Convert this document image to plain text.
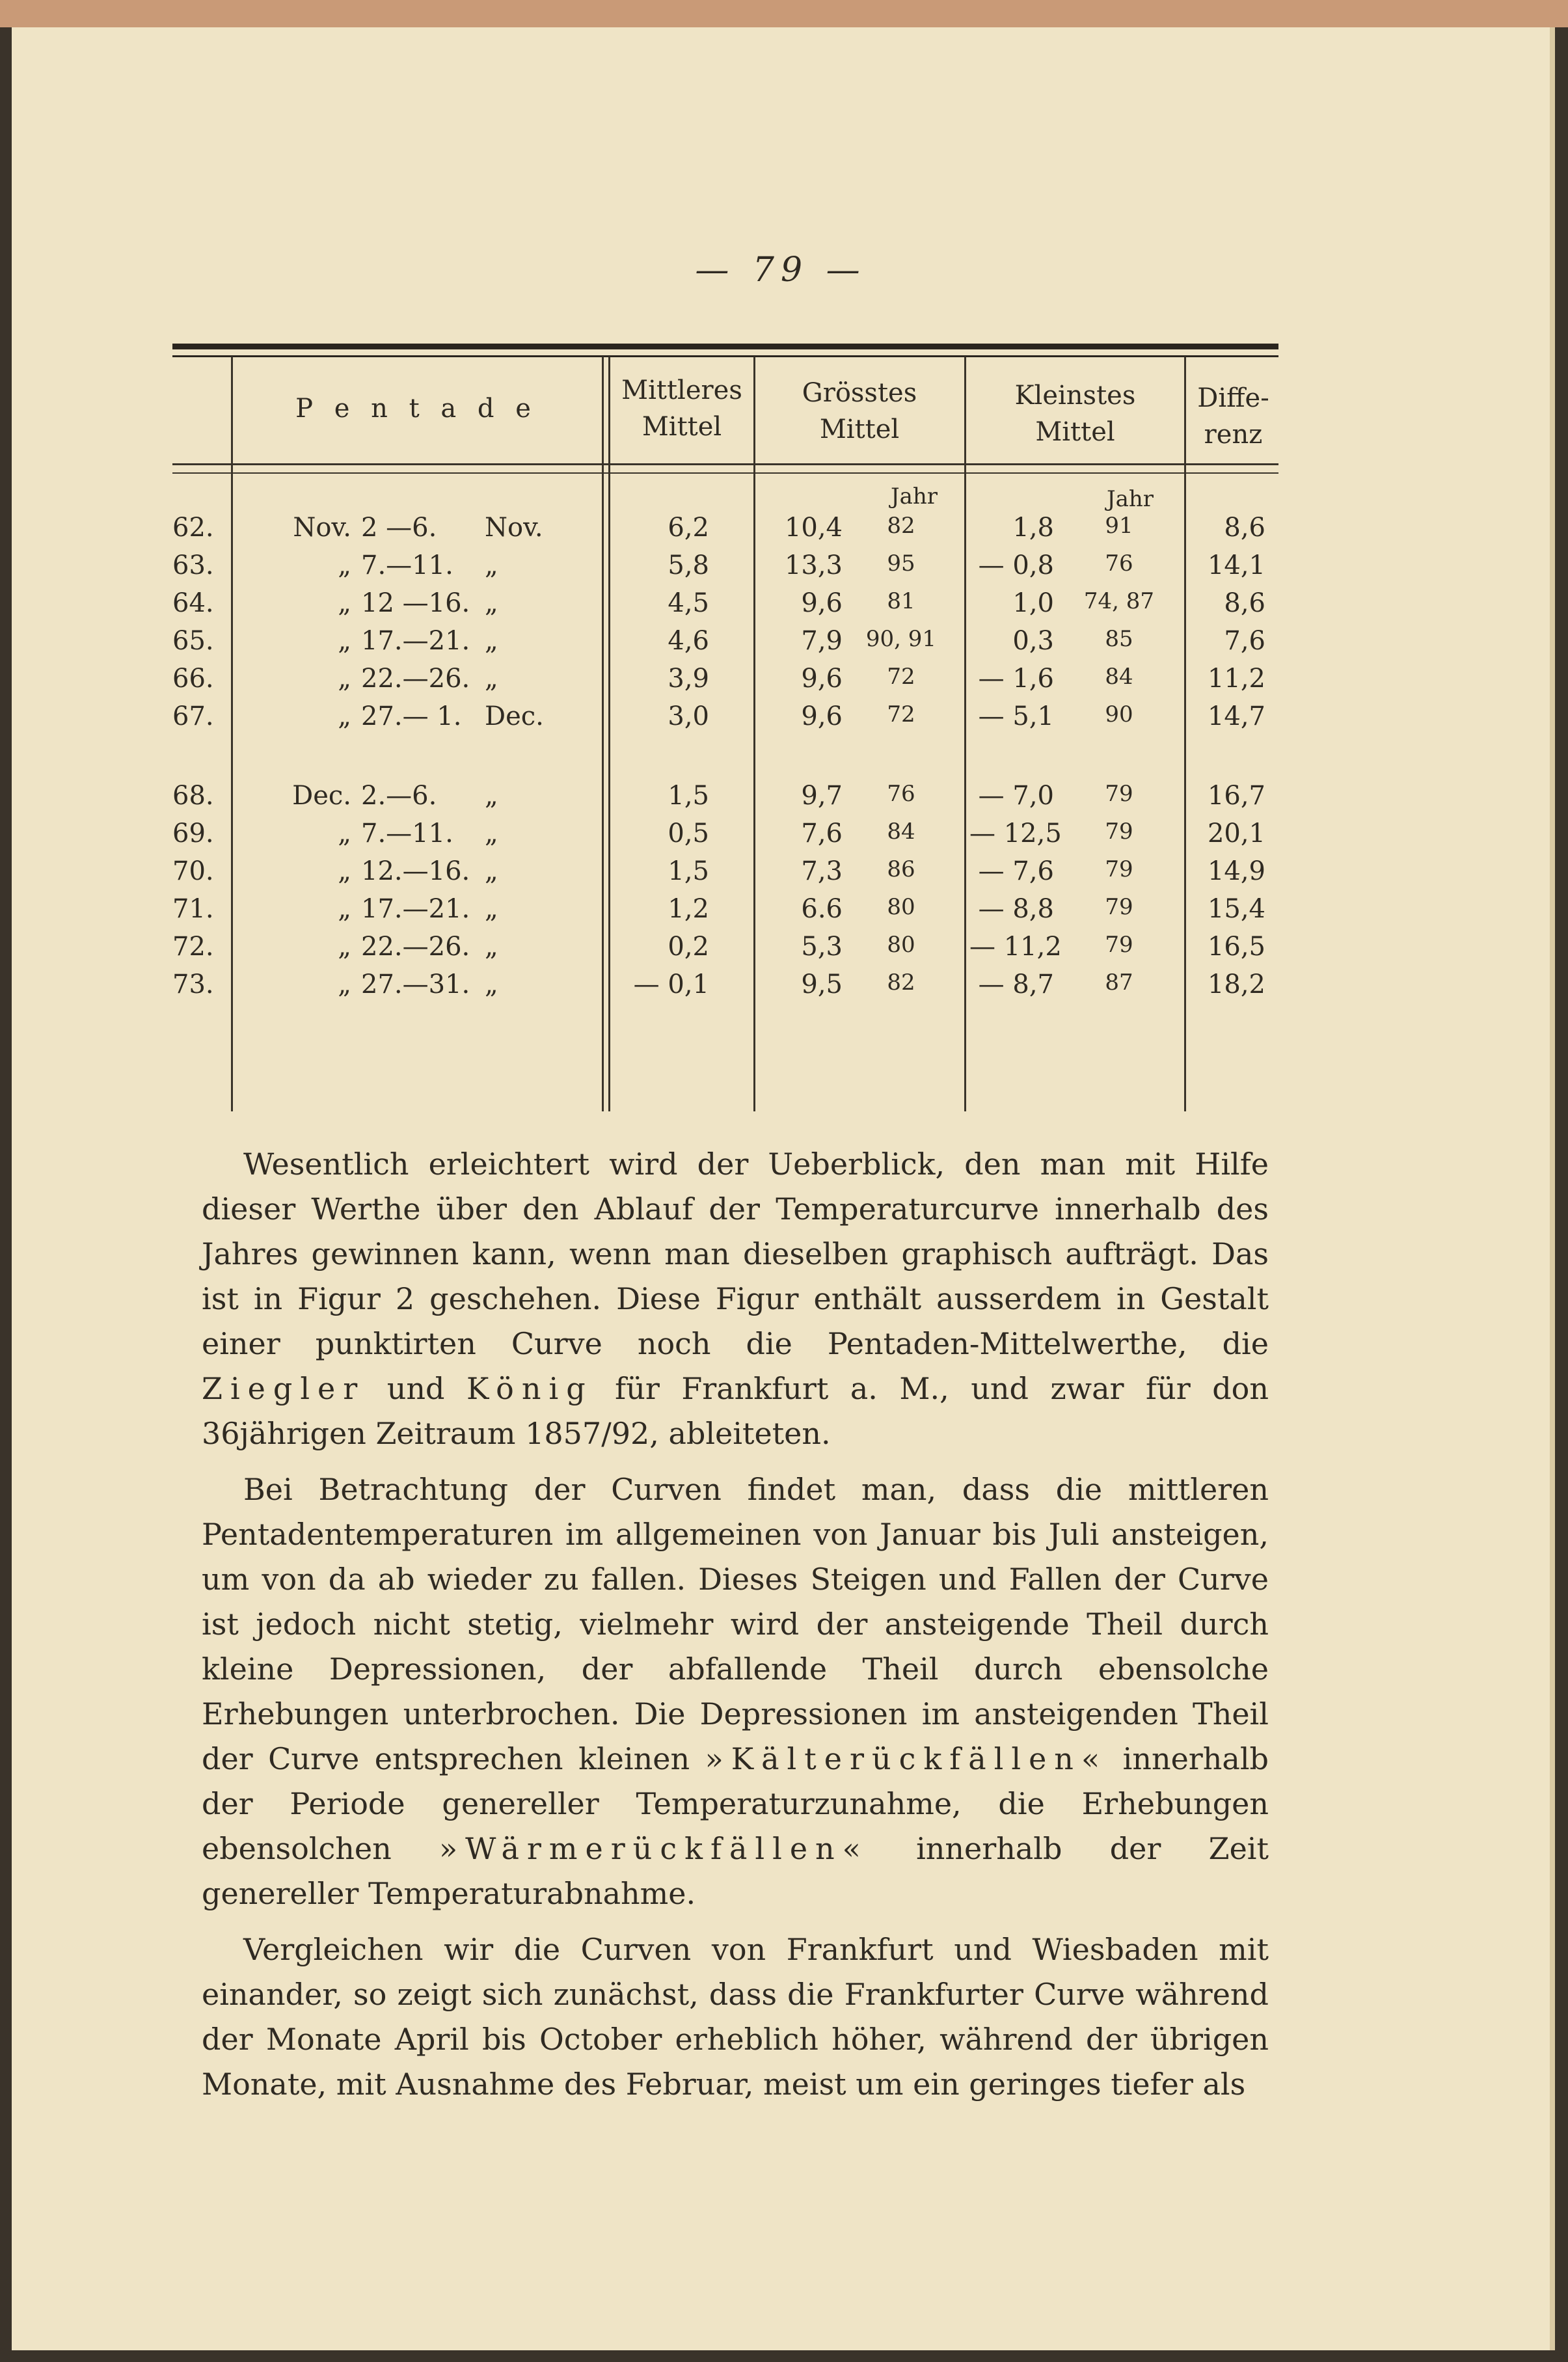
— 79 —
P e n t a d e
Mittleres
Mittel
Grösstes
Mittel
Kleinstes
Mittel
Diffe-
renz
Jahr	Jahr
62.	Nov. 2 —6.	Nov.	6,2	10,4	82	1,8	91	8,6
63.	„ 7.—11.	„	5,8	13,3	95	— 0,8	76	14,1
64.	„ 12 —16. „	4,5	9,6	81	1,0	74, 87	8,6
65.	„ 17.—21. „	4,6	7,9	90, 91	0,3	85	7,6
66.	„ 22.—26. „	3,9	9,6	72	— 1,6	84	11,2
67.	„ 27.— 1. Dec.	3,0	9,6	72	— 5,1	90	14,7
68.	Dec. 2.—6.	„	1,5	9,7	76	— 7,0	79	16,7
69.	„ 7.—11.	„	0,5	7,6	84	— 12,5	79	20,1
70.	„ 12.—16. „	1,5	7,3	86	— 7,6	79	14,9
71.	„ 17.—21. „	1,2	6.6	80	— 8,8	79	15,4
72.	„ 22.—26. „	0,2	5,3	80	— 11,2	79	16,5
73.	„ 27.—31. „	— 0,1	9,5	82	— 8,7	87	18,2

Wesentlich erleichtert wird der Ueberblick, den man mit Hilfe dieser Werthe über den Ablauf der Temperaturcurve innerhalb des Jahres gewinnen kann, wenn man dieselben graphisch aufträgt. Das ist in Figur 2 geschehen. Diese Figur enthält ausserdem in Gestalt einer punktirten Curve noch die Pentaden-Mittelwerthe, die Ziegler und König für Frankfurt a. M., und zwar für don 36jährigen Zeitraum 1857/92, ableiteten.

Bei Betrachtung der Curven findet man, dass die mittleren Pentadentemperaturen im allgemeinen von Januar bis Juli ansteigen, um von da ab wieder zu fallen. Dieses Steigen und Fallen der Curve ist jedoch nicht stetig, vielmehr wird der ansteigende Theil durch kleine Depressionen, der abfallende Theil durch ebensolche Erhebungen unterbrochen. Die Depressionen im ansteigenden Theil der Curve entsprechen kleinen »Kälterückfällen« innerhalb der Periode genereller Temperaturzunahme, die Erhebungen ebensolchen »Wärmerückfällen« innerhalb der Zeit genereller Temperaturabnahme.

Vergleichen wir die Curven von Frankfurt und Wiesbaden mit einander, so zeigt sich zunächst, dass die Frankfurter Curve während der Monate April bis October erheblich höher, während der übrigen Monate, mit Ausnahme des Februar, meist um ein geringes tiefer als
